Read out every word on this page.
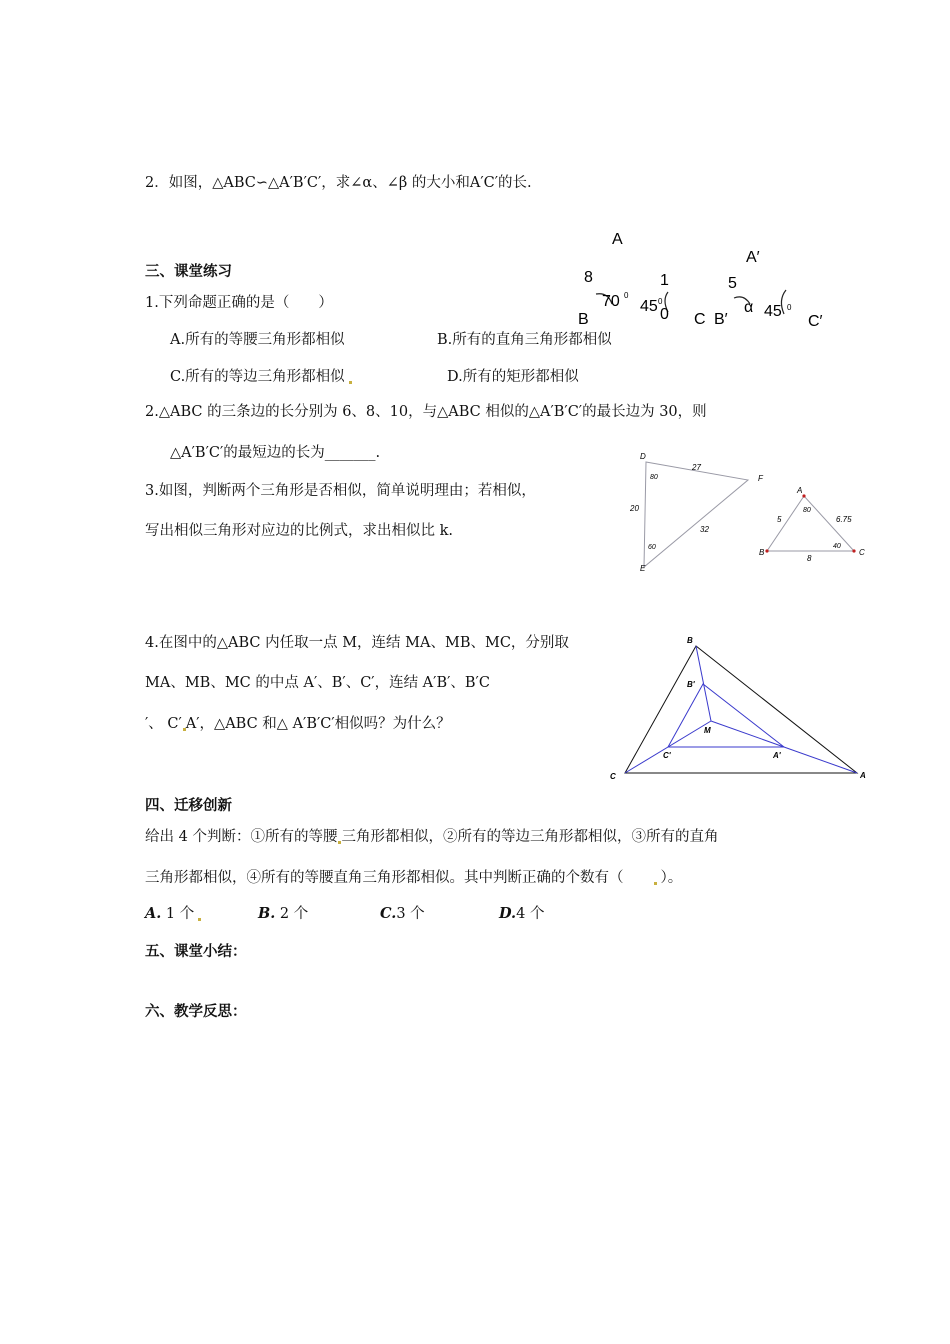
2．如图，△ABC∽△A′B′C′，求∠α、∠β 的大小和A′C′的长.
A
A′
8	1	5
70 0
45 0
0
B	C B′
α 45 0
C′
三、课堂练习
1.下列命题正确的是（　　）
A.所有的等腰三角形都相似	B.所有的直角三角形都相似
C.所有的等边三角形都相似	D.所有的矩形都相似
2.△ABC 的三条边的长分别为 6、8、10，与△ABC 相似的△A′B′C′的最长边为 30，则
△A′B′C′的最短边的长为_______.
3.如图，判断两个三角形是否相似，简单说明理由；若相似，
写出相似三角形对应边的比例式，求出相似比 k.
D
F
E
27
20
32
80
60
A
B	C
5	6.75
8
80
40
4.在图中的△ABC 内任取一点 M，连结 MA、MB、MC，分别取
MA、MB、MC 的中点 A′、B′、C′，连结 A′B′、B′C
′、 C′ A′，△ABC 和△ A′B′C′相似吗？为什么？
B
C	A
B'
M
C'	A'
四、迁移创新
给出 4 个判断：①所有的等腰 三角形都相似，②所有的等边三角形都相似，③所有的直角
三角形都相似，④所有的等腰直角三角形都相似。其中判断正确的个数有（	）。
A. 1 个	B. 2 个	C.3 个	D.4 个
五、课堂小结：
六、教学反思：
